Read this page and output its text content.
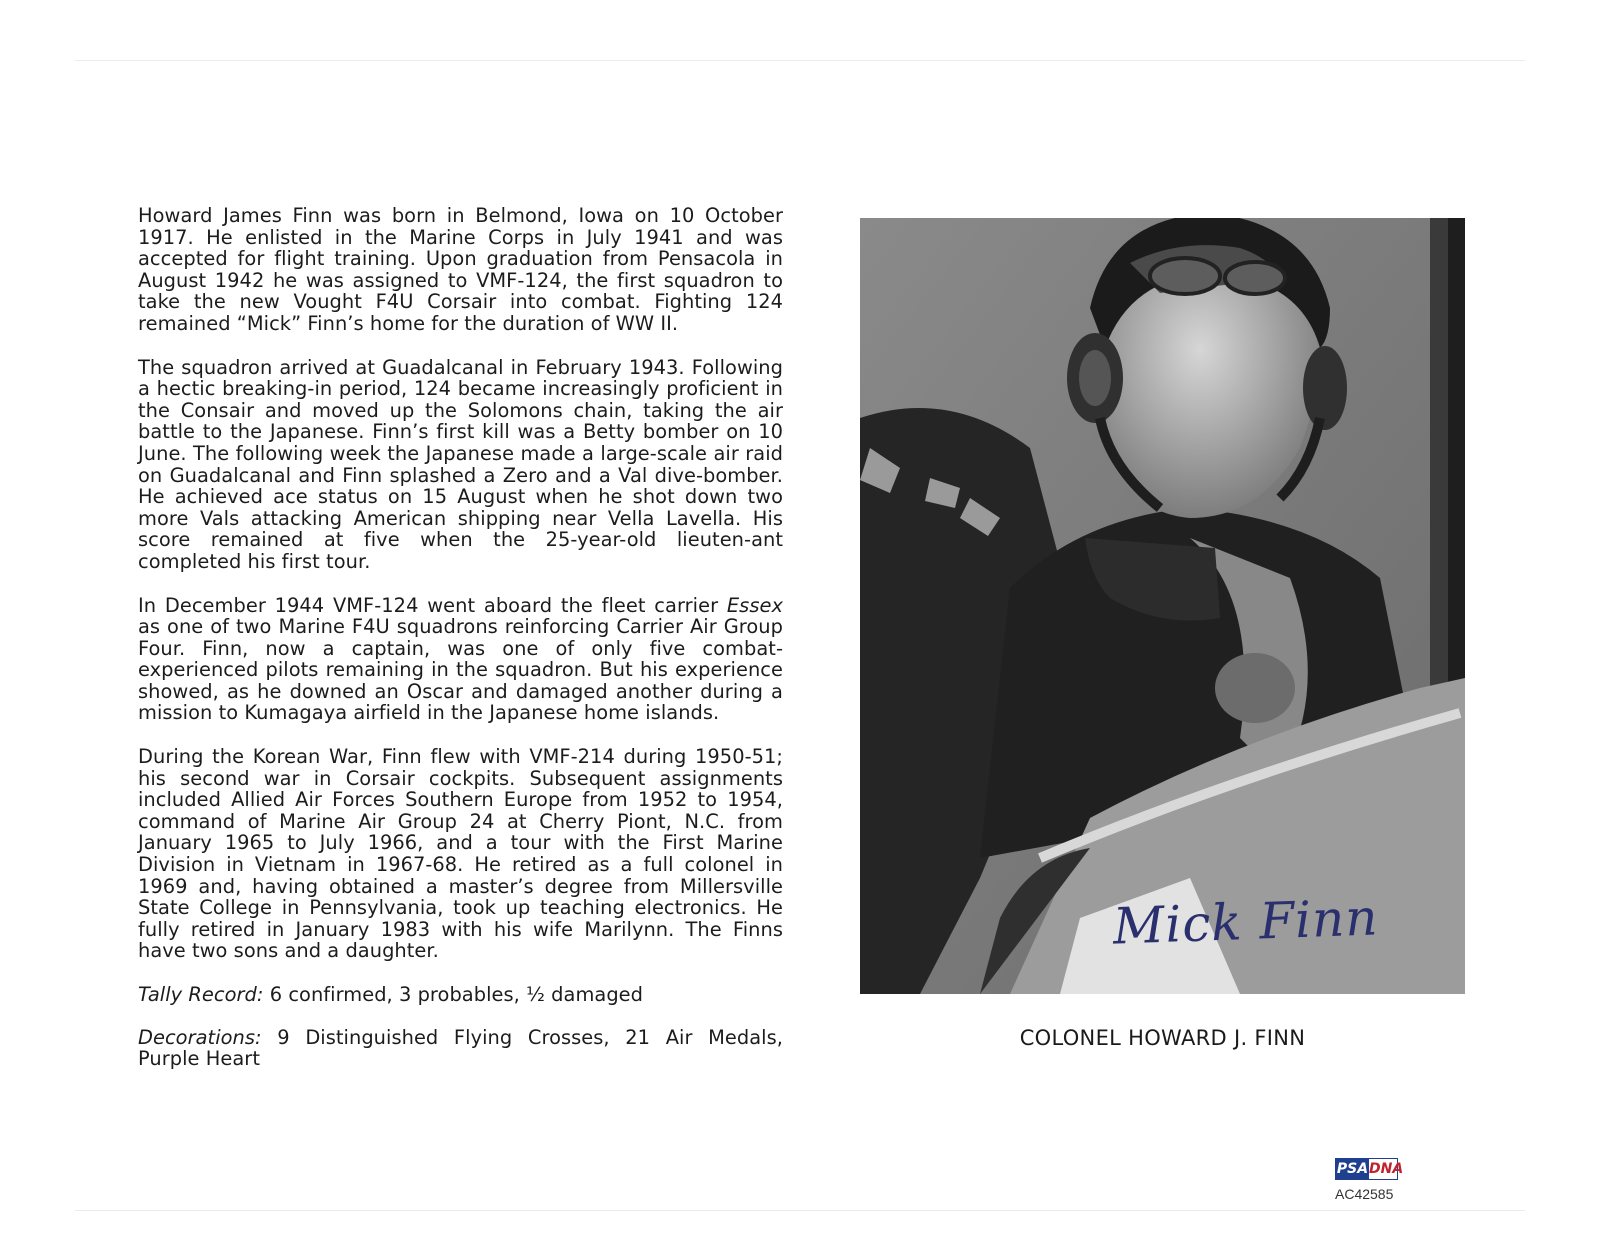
Howard James Finn was born in Belmond, Iowa on 10 October 1917. He enlisted in the Marine Corps in July 1941 and was accepted for flight training. Upon graduation from Pensacola in August 1942 he was assigned to VMF-124, the first squadron to take the new Vought F4U Corsair into combat. Fighting 124 remained “Mick” Finn’s home for the duration of WW II.

The squadron arrived at Guadalcanal in February 1943. Following a hectic breaking-in period, 124 became increasingly proficient in the Consair and moved up the Solomons chain, taking the air battle to the Japanese. Finn’s first kill was a Betty bomber on 10 June. The following week the Japanese made a large-scale air raid on Guadalcanal and Finn splashed a Zero and a Val dive-bomber. He achieved ace status on 15 August when he shot down two more Vals attacking American shipping near Vella Lavella. His score remained at five when the 25-year-old lieuten-ant completed his first tour.

In December 1944 VMF-124 went aboard the fleet carrier Essex as one of two Marine F4U squadrons reinforcing Carrier Air Group Four. Finn, now a captain, was one of only five combat-experienced pilots remaining in the squadron. But his experience showed, as he downed an Oscar and damaged another during a mission to Kumagaya airfield in the Japanese home islands.

During the Korean War, Finn flew with VMF-214 during 1950-51; his second war in Corsair cockpits. Subsequent assignments included Allied Air Forces Southern Europe from 1952 to 1954, command of Marine Air Group 24 at Cherry Piont, N.C. from January 1965 to July 1966, and a tour with the First Marine Division in Vietnam in 1967-68. He retired as a full colonel in 1969 and, having obtained a master’s degree from Millersville State College in Pennsylvania, took up teaching electronics. He fully retired in January 1983 with his wife Marilynn. The Finns have two sons and a daughter.

Tally Record: 6 confirmed, 3 probables, ½ damaged

Decorations: 9 Distinguished Flying Crosses, 21 Air Medals, Purple Heart

Mick Finn
COLONEL HOWARD J. FINN
PSA DNA
AC42585
